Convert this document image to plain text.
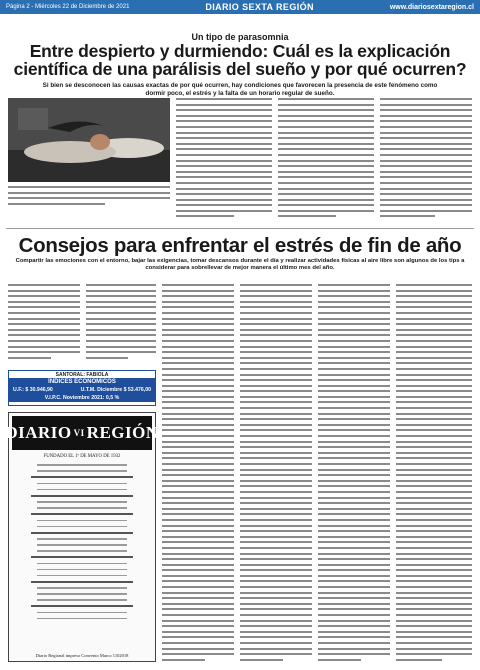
Página 2 - Miércoles 22 de Diciembre de 2021	DIARIO SEXTA REGIÓN	www.diariosextaregion.cl
Un tipo de parasomnia
Entre despierto y durmiendo: Cuál es la explicación científica de una parálisis del sueño y por qué ocurren?

Si bien se desconocen las causas exactas de por qué ocurren, hay condiciones que favorecen la presencia de este fenómeno como dormir poco, el estrés y la falta de un horario regular de sueño.

Consejos para enfrentar el estrés de fin de año

Compartir las emociones con el entorno, bajar las exigencias, tomar descansos durante el día y realizar actividades físicas al aire libre son algunos de los tips a considerar para sobrellevar de mejor manera el último mes del año.

SANTORAL: FABIOLA
ÍNDICES ECONÓMICOS
U.F.: $ 30.946,90	U.T.M. Diciembre $ 53.476,00
V.I.P.C. Noviembre 2021: 0,5 %
DIARIO VI REGIÓN
FUNDADO EL 1º DE MAYO DE 1932
Diario Regional impreso Convenio Marco 1102018
